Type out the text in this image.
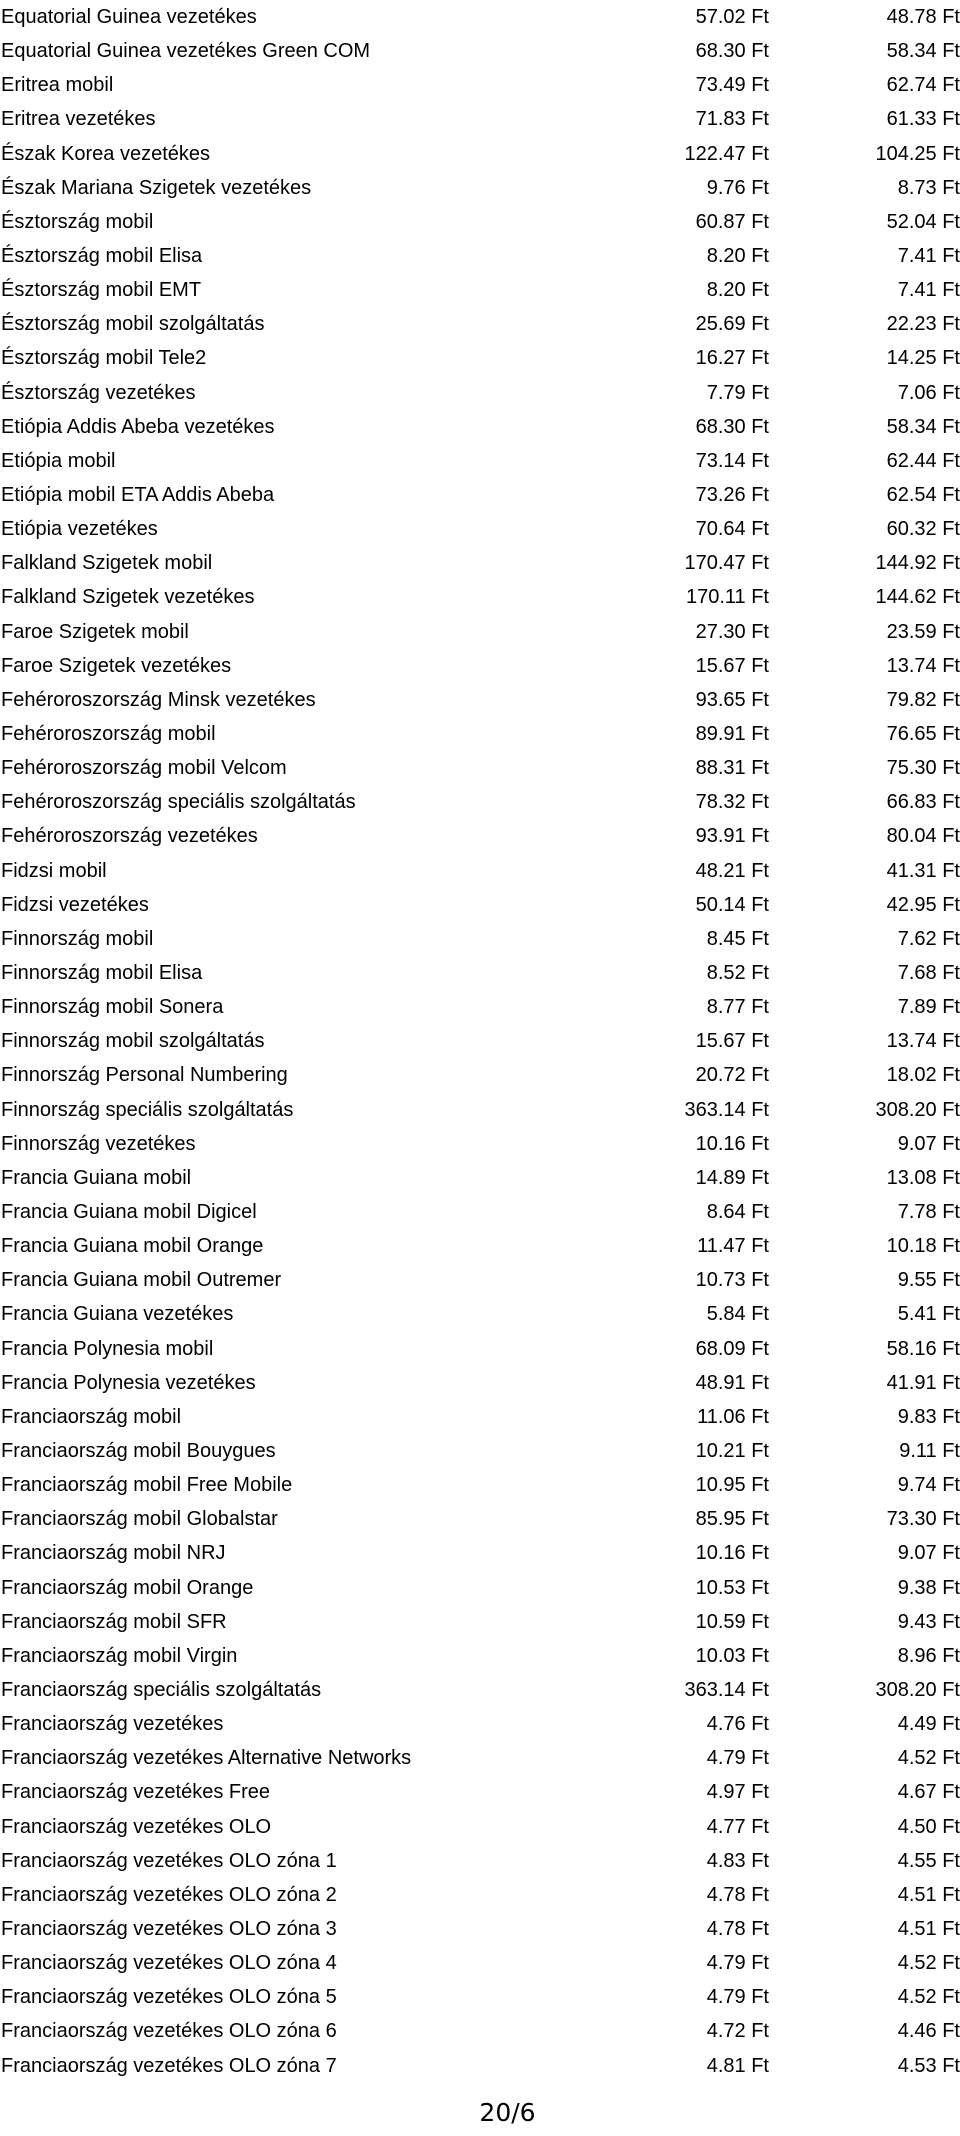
Equatorial Guinea vezetékes	57.02 Ft	48.78 Ft
Equatorial Guinea vezetékes Green COM	68.30 Ft	58.34 Ft
Eritrea mobil	73.49 Ft	62.74 Ft
Eritrea vezetékes	71.83 Ft	61.33 Ft
Észak Korea vezetékes	122.47 Ft	104.25 Ft
Észak Mariana Szigetek vezetékes	9.76 Ft	8.73 Ft
Észtország mobil	60.87 Ft	52.04 Ft
Észtország mobil Elisa	8.20 Ft	7.41 Ft
Észtország mobil EMT	8.20 Ft	7.41 Ft
Észtország mobil szolgáltatás	25.69 Ft	22.23 Ft
Észtország mobil Tele2	16.27 Ft	14.25 Ft
Észtország vezetékes	7.79 Ft	7.06 Ft
Etiópia Addis Abeba vezetékes	68.30 Ft	58.34 Ft
Etiópia mobil	73.14 Ft	62.44 Ft
Etiópia mobil ETA Addis Abeba	73.26 Ft	62.54 Ft
Etiópia vezetékes	70.64 Ft	60.32 Ft
Falkland Szigetek mobil	170.47 Ft	144.92 Ft
Falkland Szigetek vezetékes	170.11 Ft	144.62 Ft
Faroe Szigetek mobil	27.30 Ft	23.59 Ft
Faroe Szigetek vezetékes	15.67 Ft	13.74 Ft
Fehéroroszország Minsk vezetékes	93.65 Ft	79.82 Ft
Fehéroroszország mobil	89.91 Ft	76.65 Ft
Fehéroroszország mobil Velcom	88.31 Ft	75.30 Ft
Fehéroroszország speciális szolgáltatás	78.32 Ft	66.83 Ft
Fehéroroszország vezetékes	93.91 Ft	80.04 Ft
Fidzsi mobil	48.21 Ft	41.31 Ft
Fidzsi vezetékes	50.14 Ft	42.95 Ft
Finnország mobil	8.45 Ft	7.62 Ft
Finnország mobil Elisa	8.52 Ft	7.68 Ft
Finnország mobil Sonera	8.77 Ft	7.89 Ft
Finnország mobil szolgáltatás	15.67 Ft	13.74 Ft
Finnország Personal Numbering	20.72 Ft	18.02 Ft
Finnország speciális szolgáltatás	363.14 Ft	308.20 Ft
Finnország vezetékes	10.16 Ft	9.07 Ft
Francia Guiana mobil	14.89 Ft	13.08 Ft
Francia Guiana mobil Digicel	8.64 Ft	7.78 Ft
Francia Guiana mobil Orange	11.47 Ft	10.18 Ft
Francia Guiana mobil Outremer	10.73 Ft	9.55 Ft
Francia Guiana vezetékes	5.84 Ft	5.41 Ft
Francia Polynesia mobil	68.09 Ft	58.16 Ft
Francia Polynesia vezetékes	48.91 Ft	41.91 Ft
Franciaország mobil	11.06 Ft	9.83 Ft
Franciaország mobil Bouygues	10.21 Ft	9.11 Ft
Franciaország mobil Free Mobile	10.95 Ft	9.74 Ft
Franciaország mobil Globalstar	85.95 Ft	73.30 Ft
Franciaország mobil NRJ	10.16 Ft	9.07 Ft
Franciaország mobil Orange	10.53 Ft	9.38 Ft
Franciaország mobil SFR	10.59 Ft	9.43 Ft
Franciaország mobil Virgin	10.03 Ft	8.96 Ft
Franciaország speciális szolgáltatás	363.14 Ft	308.20 Ft
Franciaország vezetékes	4.76 Ft	4.49 Ft
Franciaország vezetékes Alternative Networks	4.79 Ft	4.52 Ft
Franciaország vezetékes Free	4.97 Ft	4.67 Ft
Franciaország vezetékes OLO	4.77 Ft	4.50 Ft
Franciaország vezetékes OLO zóna 1	4.83 Ft	4.55 Ft
Franciaország vezetékes OLO zóna 2	4.78 Ft	4.51 Ft
Franciaország vezetékes OLO zóna 3	4.78 Ft	4.51 Ft
Franciaország vezetékes OLO zóna 4	4.79 Ft	4.52 Ft
Franciaország vezetékes OLO zóna 5	4.79 Ft	4.52 Ft
Franciaország vezetékes OLO zóna 6	4.72 Ft	4.46 Ft
Franciaország vezetékes OLO zóna 7	4.81 Ft	4.53 Ft
20/6
